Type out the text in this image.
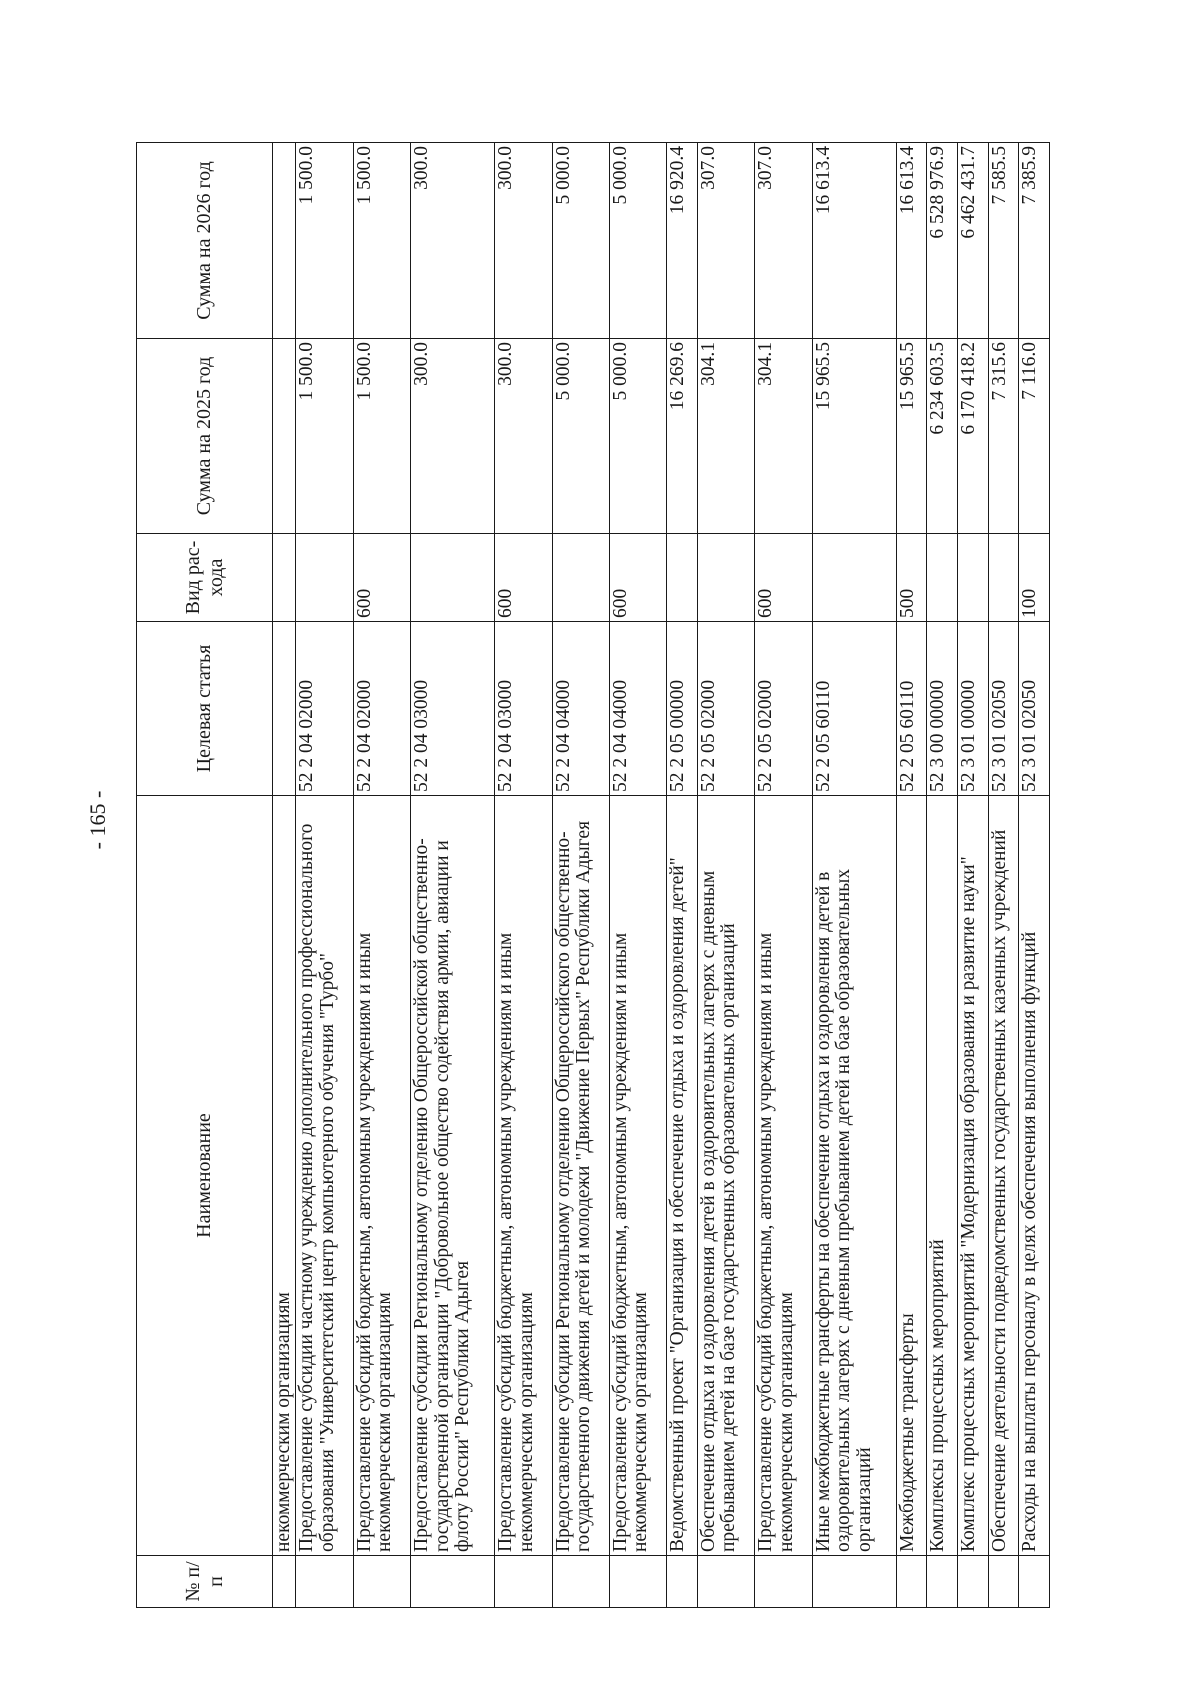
- 165 -
№ п/п	Наименование	Целевая статья	Вид рас- хода	Сумма на 2025 год	Сумма на 2026 год
	некоммерческим организациям				
	Предоставление субсидии частному учреждению дополнительного профессионального образования "Университетский центр компьютерного обучения "Турбо"	52 2 04 02000		1 500.0	1 500.0
	Предоставление субсидий бюджетным, автономным учреждениям и иным некоммерческим организациям	52 2 04 02000	600	1 500.0	1 500.0
	Предоставление субсидии Региональному отделению Общероссийской общественно-государственной организации "Добровольное общество содействия армии, авиации и флоту России" Республики Адыгея	52 2 04 03000		300.0	300.0
	Предоставление субсидий бюджетным, автономным учреждениям и иным некоммерческим организациям	52 2 04 03000	600	300.0	300.0
	Предоставление субсидии Региональному отделению Общероссийского общественно-государственного движения детей и молодежи "Движение Первых" Республики Адыгея	52 2 04 04000		5 000.0	5 000.0
	Предоставление субсидий бюджетным, автономным учреждениям и иным некоммерческим организациям	52 2 04 04000	600	5 000.0	5 000.0
	Ведомственный проект "Организация и обеспечение отдыха и оздоровления детей"	52 2 05 00000		16 269.6	16 920.4
	Обеспечение отдыха и оздоровления детей в оздоровительных лагерях с дневным пребыванием детей на базе государственных образовательных организаций	52 2 05 02000		304.1	307.0
	Предоставление субсидий бюджетным, автономным учреждениям и иным некоммерческим организациям	52 2 05 02000	600	304.1	307.0
	Иные межбюджетные трансферты на обеспечение отдыха и оздоровления детей в оздоровительных лагерях с дневным пребыванием детей на базе образовательных организаций	52 2 05 60110		15 965.5	16 613.4
	Межбюджетные трансферты	52 2 05 60110	500	15 965.5	16 613.4
	Комплексы процессных мероприятий	52 3 00 00000		6 234 603.5	6 528 976.9
	Комплекс процессных мероприятий "Модернизация образования и развитие науки"	52 3 01 00000		6 170 418.2	6 462 431.7
	Обеспечение деятельности подведомственных государственных казенных учреждений	52 3 01 02050		7 315.6	7 585.5
	Расходы на выплаты персоналу в целях обеспечения выполнения функций	52 3 01 02050	100	7 116.0	7 385.9
